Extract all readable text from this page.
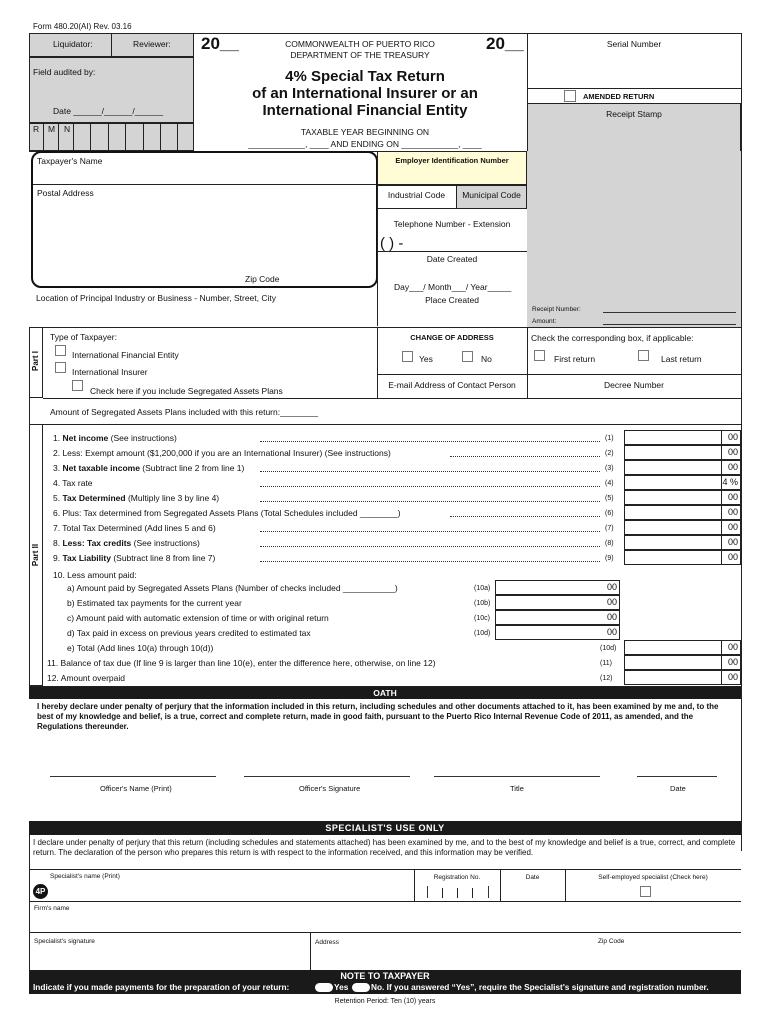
Form 480.20(AI) Rev. 03.16
Liquidator:	Reviewer:
Field audited by:
Date ______/______/______
R M N
20__	20__
COMMONWEALTH OF PUERTO RICO
DEPARTMENT OF THE TREASURY
4% Special Tax Return
of an International Insurer or an
International Financial Entity
TAXABLE YEAR BEGINNING ON
____________, ____ AND ENDING ON ____________, ____
Serial Number
AMENDED RETURN
Receipt Stamp
Taxpayer's Name
Postal Address
Zip Code
Location of Principal Industry or Business - Number, Street, City
Employer Identification Number
Industrial Code	Municipal Code
Telephone Number - Extension
( ) -
Date Created
Day___/ Month___/ Year_____
Place Created
Receipt Number:
Amount:
Part I
Type of Taxpayer:
International Financial Entity
International Insurer
Check here if you include Segregated Assets Plans
Amount of Segregated Assets Plans included with this return:________
CHANGE OF ADDRESS
Yes	No
E-mail Address of Contact Person
Check the corresponding box, if applicable:
First return	Last return
Decree Number
Part II
1. Net income (See instructions)	(1)	00
2. Less: Exempt amount ($1,200,000 if you are an International Insurer) (See instructions)	(2)	00
3. Net taxable income (Subtract line 2 from line 1)	(3)	00
4. Tax rate	(4)	4 %
5. Tax Determined (Multiply line 3 by line 4)	(5)	00
6. Plus: Tax determined from Segregated Assets Plans (Total Schedules included ________)	(6)	00
7. Total Tax Determined (Add lines 5 and 6)	(7)	00
8. Less: Tax credits (See instructions)	(8)	00
9. Tax Liability (Subtract line 8 from line 7)	(9)	00
10. Less amount paid:
a) Amount paid by Segregated Assets Plans (Number of checks included ___________)	(10a)	00
b) Estimated tax payments for the current year	(10b)	00
c) Amount paid with automatic extension of time or with original return	(10c)	00
d) Tax paid in excess on previous years credited to estimated tax	(10d)	00
e) Total (Add lines 10(a) through 10(d))	(10d)	00
11. Balance of tax due (If line 9 is larger than line 10(e), enter the difference here, otherwise, on line 12)	(11)	00
12. Amount overpaid	(12)	00
OATH
I hereby declare under penalty of perjury that the information included in this return, including schedules and other documents attached to it, has been examined by me and, to the best of my knowledge and belief, is a true, correct and complete return, made in good faith, pursuant to the Puerto Rico Internal Revenue Code of 2011, as amended, and the Regulations thereunder.
Officer's Name (Print)	Officer's Signature	Title	Date
SPECIALIST'S USE ONLY
I declare under penalty of perjury that this return (including schedules and statements attached) has been examined by me, and to the best of my knowledge and belief is a true, correct, and complete return. The declaration of the person who prepares this return is with respect to the information received, and this information may be verified.
Specialist's name (Print)
4P
Registration No.	Date	Self-employed specialist (Check here)
Firm's name
Specialist's signature	Address	Zip Code
NOTE TO TAXPAYER
Indicate if you made payments for the preparation of your return:	Yes	No. If you answered “Yes”, require the Specialist's signature and registration number.
Retention Period: Ten (10) years
